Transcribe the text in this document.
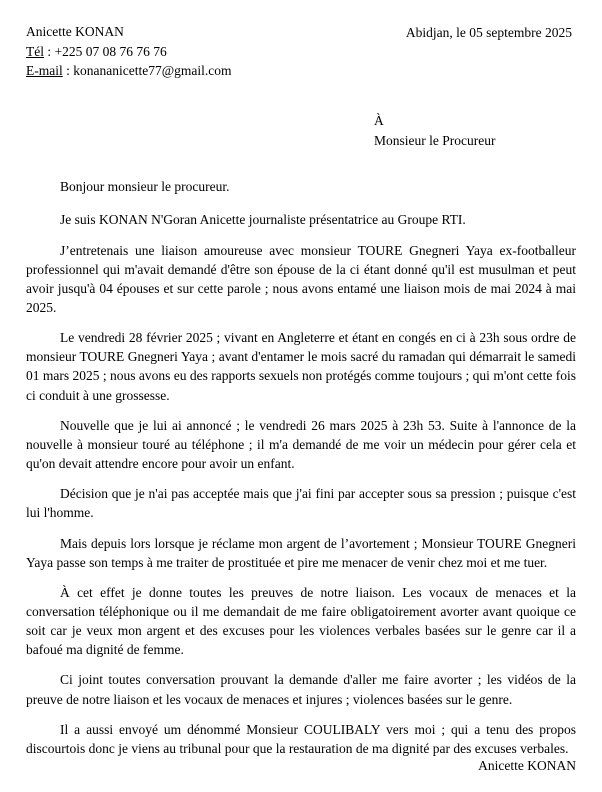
Anicette KONAN
Tél : +225 07 08 76 76 76
E-mail : konananicette77@gmail.com
Abidjan, le 05 septembre 2025
À
Monsieur le Procureur
Bonjour monsieur le procureur.

Je suis KONAN N'Goran Anicette journaliste présentatrice au Groupe RTI.

J’entretenais une liaison amoureuse avec monsieur TOURE Gnegneri Yaya ex-footballeur professionnel qui m'avait demandé d'être son épouse de la ci étant donné qu'il est musulman et peut avoir jusqu'à 04 épouses et sur cette parole ; nous avons entamé une liaison mois de mai 2024 à mai 2025.

Le vendredi 28 février 2025 ; vivant en Angleterre et étant en congés en ci à 23h sous ordre de monsieur TOURE Gnegneri Yaya ; avant d'entamer le mois sacré du ramadan qui démarrait le samedi 01 mars 2025 ; nous avons eu des rapports sexuels non protégés comme toujours ; qui m'ont cette fois ci conduit à une grossesse.

Nouvelle que je lui ai annoncé ; le vendredi 26 mars 2025 à 23h 53. Suite à l'annonce de la nouvelle à monsieur touré au téléphone ; il m'a demandé de me voir un médecin pour gérer cela et qu'on devait attendre encore pour avoir un enfant.

Décision que je n'ai pas acceptée mais que j'ai fini par accepter sous sa pression ; puisque c'est lui l'homme.

Mais depuis lors lorsque je réclame mon argent de l’avortement ; Monsieur TOURE Gnegneri Yaya passe son temps à me traiter de prostituée et pire me menacer de venir chez moi et me tuer.

À cet effet je donne toutes les preuves de notre liaison. Les vocaux de menaces et la conversation téléphonique ou il me demandait de me faire obligatoirement avorter avant quoique ce soit car je veux mon argent et des excuses pour les violences verbales basées sur le genre car il a bafoué ma dignité de femme.

Ci joint toutes conversation prouvant la demande d'aller me faire avorter ; les vidéos de la preuve de notre liaison et les vocaux de menaces et injures ; violences basées sur le genre.

Il a aussi envoyé um dénommé Monsieur COULIBALY vers moi ; qui a tenu des propos discourtois donc je viens au tribunal pour que la restauration de ma dignité par des excuses verbales.

Anicette KONAN
